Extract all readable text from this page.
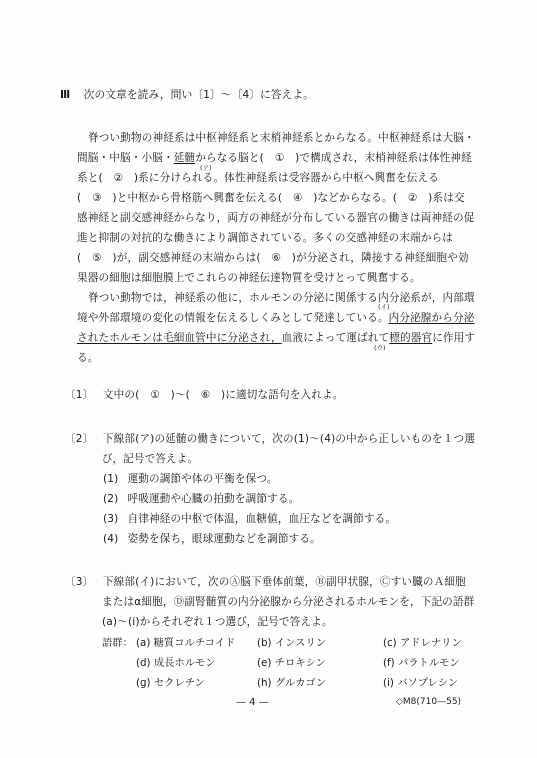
Ⅲ 次の文章を読み，問い〔1〕～〔4〕に答えよ。
脊つい動物の神経系は中枢神経系と末梢神経系とからなる。中枢神経系は大脳・
間脳・中脳・小脳・延髄からなる脳と(　①　)で構成され，末梢神経系は体性神経
(ア)
系と(　②　)系に分けられる。体性神経系は受容器から中枢へ興奮を伝える
(　③　)と中枢から骨格筋へ興奮を伝える(　④　)などからなる。(　②　)系は交
感神経と副交感神経からなり，両方の神経が分布している器官の働きは両神経の促
進と抑制の対抗的な働きにより調節されている。多くの交感神経の末端からは
(　⑤　)が，副交感神経の末端からは(　⑥　)が分泌され，隣接する神経細胞や効
果器の細胞は細胞膜上でこれらの神経伝達物質を受けとって興奮する。
脊つい動物では，神経系の他に，ホルモンの分泌に関係する内分泌系が，内部環
境や外部環境の変化の情報を伝えるしくみとして発達している。内分泌腺から分泌
(イ)
されたホルモンは毛細血管中に分泌され，血液によって運ばれて標的器官に作用す
(ウ)
る。
〔1〕 文中の(　①　)～(　⑥　)に適切な語句を入れよ。
〔2〕 下線部(ア)の延髄の働きについて，次の(1)～(4)の中から正しいものを１つ選
び，記号で答えよ。
(1) 運動の調節や体の平衡を保つ。
(2) 呼吸運動や心臓の拍動を調節する。
(3) 自律神経の中枢で体温，血糖値，血圧などを調節する。
(4) 姿勢を保ち，眼球運動などを調節する。
〔3〕 下線部(イ)において，次のⒶ脳下垂体前葉，Ⓑ副甲状腺，Ⓒすい臓のＡ細胞
またはα細胞，Ⓓ副腎髄質の内分泌腺から分泌されるホルモンを，下記の語群
(a)～(i)からそれぞれ１つ選び，記号で答えよ。
語群： (a) 糖質コルチコイド (b) インスリン	(c) アドレナリン
(d) 成長ホルモン	(e) チロキシン	(f) パラトルモン
(g) セクレチン	(h) グルカゴン	(i) バソプレシン
— 4 —	◇M8(710—55)
